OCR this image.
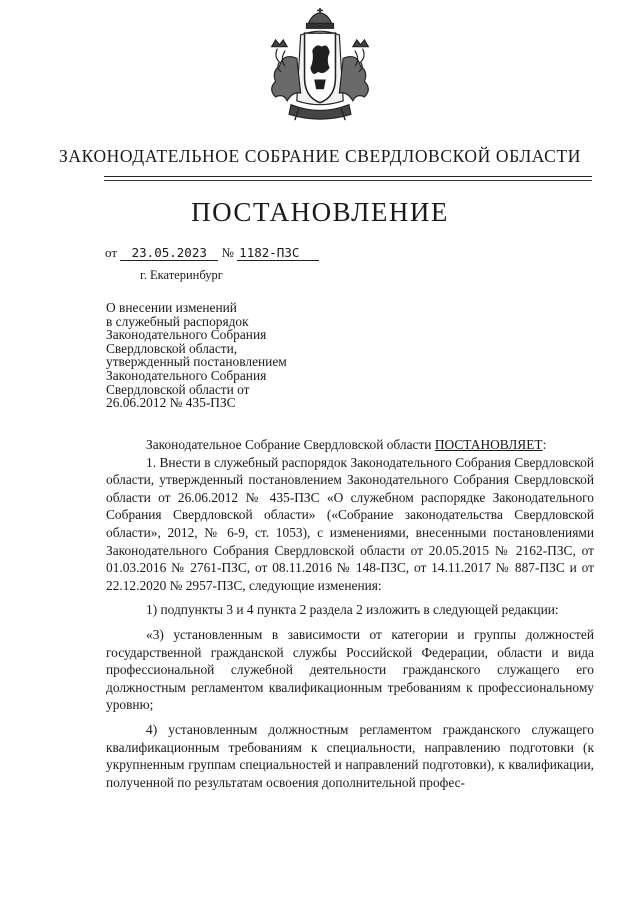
ЗАКОНОДАТЕЛЬНОЕ СОБРАНИЕ СВЕРДЛОВСКОЙ ОБЛАСТИ
ПОСТАНОВЛЕНИЕ
от 23.05.2023 № 1182-ПЗС
г. Екатеринбург
О внесении изменений
в служебный распорядок
Законодательного Собрания
Свердловской области,
утвержденный постановлением
Законодательного Собрания
Свердловской области от
26.06.2012 № 435-ПЗС

Законодательное Собрание Свердловской области ПОСТАНОВЛЯЕТ:

1. Внести в служебный распорядок Законодательного Собрания Свердловской области, утвержденный постановлением Законодательного Собрания Свердловской области от 26.06.2012 № 435-ПЗС «О служебном распорядке Законодательного Собрания Свердловской области» («Собрание законодательства Свердловской области», 2012, № 6-9, ст. 1053), с изменениями, внесенными постановлениями Законодательного Собрания Свердловской области от 20.05.2015 № 2162-ПЗС, от 01.03.2016 № 2761-ПЗС, от 08.11.2016 № 148-ПЗС, от 14.11.2017 № 887-ПЗС и от 22.12.2020 № 2957-ПЗС, следующие изменения:

1) подпункты 3 и 4 пункта 2 раздела 2 изложить в следующей редакции:

«3) установленным в зависимости от категории и группы должностей государственной гражданской службы Российской Федерации, области и вида профессиональной служебной деятельности гражданского служащего его должностным регламентом квалификационным требованиям к профессиональному уровню;

4) установленным должностным регламентом гражданского служащего квалификационным требованиям к специальности, направлению подготовки (к укрупненным группам специальностей и направлений подготовки), к квалификации, полученной по результатам освоения дополнительной профес-
